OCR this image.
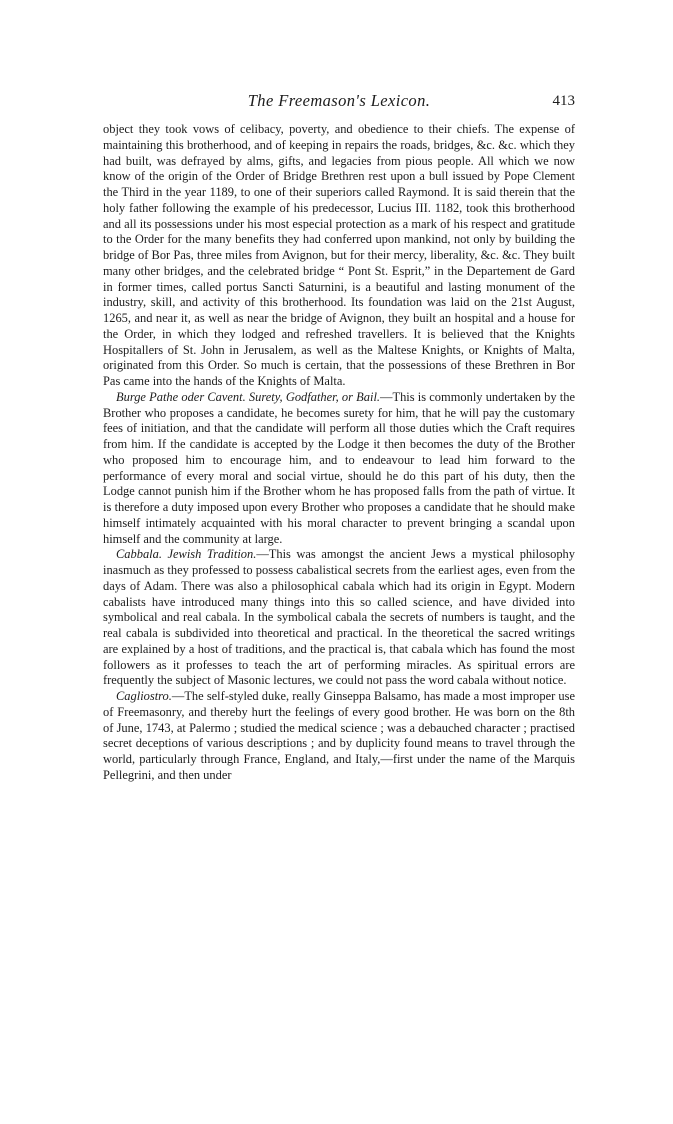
The Freemason's Lexicon.	413

object they took vows of celibacy, poverty, and obedience to their chiefs. The expense of maintaining this brotherhood, and of keeping in repairs the roads, bridges, &c. &c. which they had built, was defrayed by alms, gifts, and legacies from pious people. All which we now know of the origin of the Order of Bridge Brethren rest upon a bull issued by Pope Clement the Third in the year 1189, to one of their superiors called Raymond. It is said therein that the holy father following the example of his predecessor, Lucius III. 1182, took this brotherhood and all its possessions under his most especial protection as a mark of his respect and gratitude to the Order for the many benefits they had conferred upon mankind, not only by building the bridge of Bor Pas, three miles from Avignon, but for their mercy, liberality, &c. &c. They built many other bridges, and the celebrated bridge “ Pont St. Esprit,” in the Departement de Gard in former times, called portus Sancti Saturnini, is a beautiful and lasting monument of the industry, skill, and activity of this brotherhood. Its foundation was laid on the 21st August, 1265, and near it, as well as near the bridge of Avignon, they built an hospital and a house for the Order, in which they lodged and refreshed travellers. It is believed that the Knights Hospitallers of St. John in Jerusalem, as well as the Maltese Knights, or Knights of Malta, originated from this Order. So much is certain, that the possessions of these Brethren in Bor Pas came into the hands of the Knights of Malta.

Burge Pathe oder Cavent. Surety, Godfather, or Bail.—This is commonly undertaken by the Brother who proposes a candidate, he becomes surety for him, that he will pay the customary fees of initiation, and that the candidate will perform all those duties which the Craft requires from him. If the candidate is accepted by the Lodge it then becomes the duty of the Brother who proposed him to encourage him, and to endeavour to lead him forward to the performance of every moral and social virtue, should he do this part of his duty, then the Lodge cannot punish him if the Brother whom he has proposed falls from the path of virtue. It is therefore a duty imposed upon every Brother who proposes a candidate that he should make himself intimately acquainted with his moral character to prevent bringing a scandal upon himself and the community at large.

Cabbala. Jewish Tradition.—This was amongst the ancient Jews a mystical philosophy inasmuch as they professed to possess cabalistical secrets from the earliest ages, even from the days of Adam. There was also a philosophical cabala which had its origin in Egypt. Modern cabalists have introduced many things into this so called science, and have divided into symbolical and real cabala. In the symbolical cabala the secrets of numbers is taught, and the real cabala is subdivided into theoretical and practical. In the theoretical the sacred writings are explained by a host of traditions, and the practical is, that cabala which has found the most followers as it professes to teach the art of performing miracles. As spiritual errors are frequently the subject of Masonic lectures, we could not pass the word cabala without notice.

Cagliostro.—The self-styled duke, really Ginseppa Balsamo, has made a most improper use of Freemasonry, and thereby hurt the feelings of every good brother. He was born on the 8th of June, 1743, at Palermo ; studied the medical science ; was a debauched character ; practised secret deceptions of various descriptions ; and by duplicity found means to travel through the world, particularly through France, England, and Italy,—first under the name of the Marquis Pellegrini, and then under
